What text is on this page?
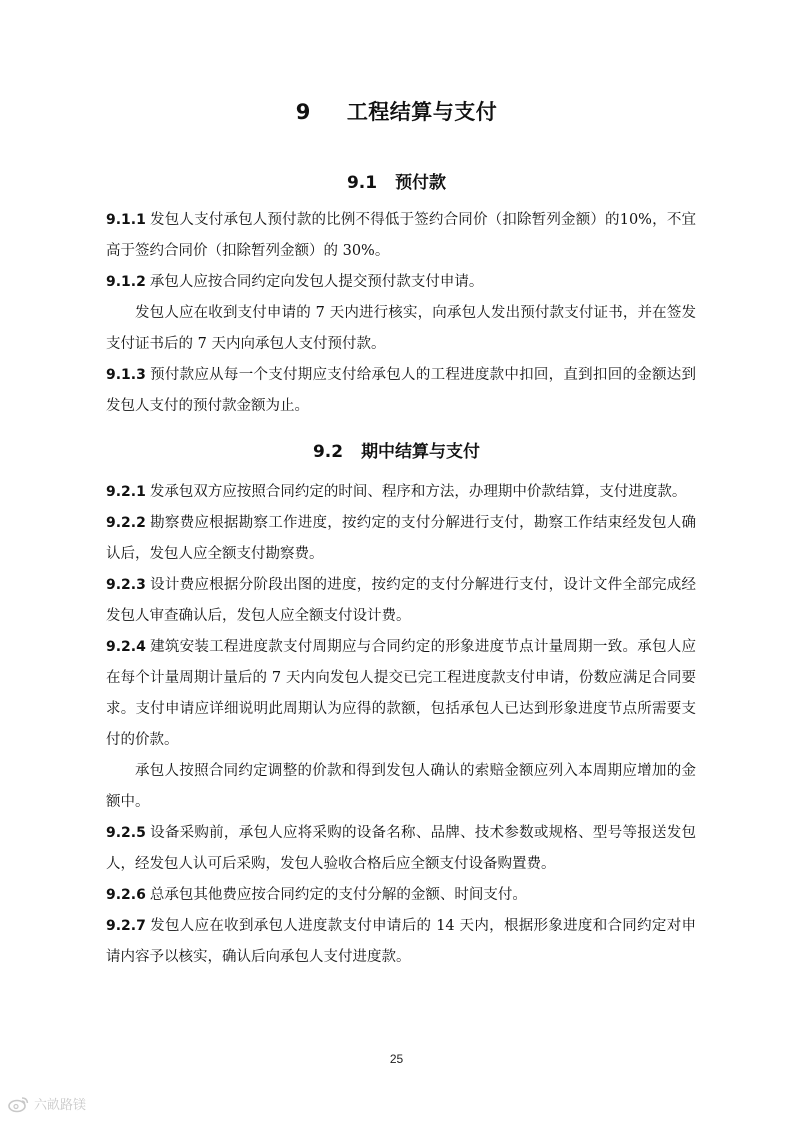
9 工程结算与支付
9.1 预付款

9.1.1 发包人支付承包人预付款的比例不得低于签约合同价（扣除暂列金额）的10%，不宜高于签约合同价（扣除暂列金额）的 30%。

9.1.2 承包人应按合同约定向发包人提交预付款支付申请。

发包人应在收到支付申请的 7 天内进行核实，向承包人发出预付款支付证书，并在签发支付证书后的 7 天内向承包人支付预付款。

9.1.3 预付款应从每一个支付期应支付给承包人的工程进度款中扣回，直到扣回的金额达到发包人支付的预付款金额为止。

9.2 期中结算与支付

9.2.1 发承包双方应按照合同约定的时间、程序和方法，办理期中价款结算，支付进度款。

9.2.2 勘察费应根据勘察工作进度，按约定的支付分解进行支付，勘察工作结束经发包人确认后，发包人应全额支付勘察费。

9.2.3 设计费应根据分阶段出图的进度，按约定的支付分解进行支付，设计文件全部完成经发包人审查确认后，发包人应全额支付设计费。

9.2.4 建筑安装工程进度款支付周期应与合同约定的形象进度节点计量周期一致。承包人应在每个计量周期计量后的 7 天内向发包人提交已完工程进度款支付申请，份数应满足合同要求。支付申请应详细说明此周期认为应得的款额，包括承包人已达到形象进度节点所需要支付的价款。

承包人按照合同约定调整的价款和得到发包人确认的索赔金额应列入本周期应增加的金额中。

9.2.5 设备采购前，承包人应将采购的设备名称、品牌、技术参数或规格、型号等报送发包人，经发包人认可后采购，发包人验收合格后应全额支付设备购置费。

9.2.6 总承包其他费应按合同约定的支付分解的金额、时间支付。

9.2.7 发包人应在收到承包人进度款支付申请后的 14 天内，根据形象进度和合同约定对申请内容予以核实，确认后向承包人支付进度款。

25
六畝路镁
